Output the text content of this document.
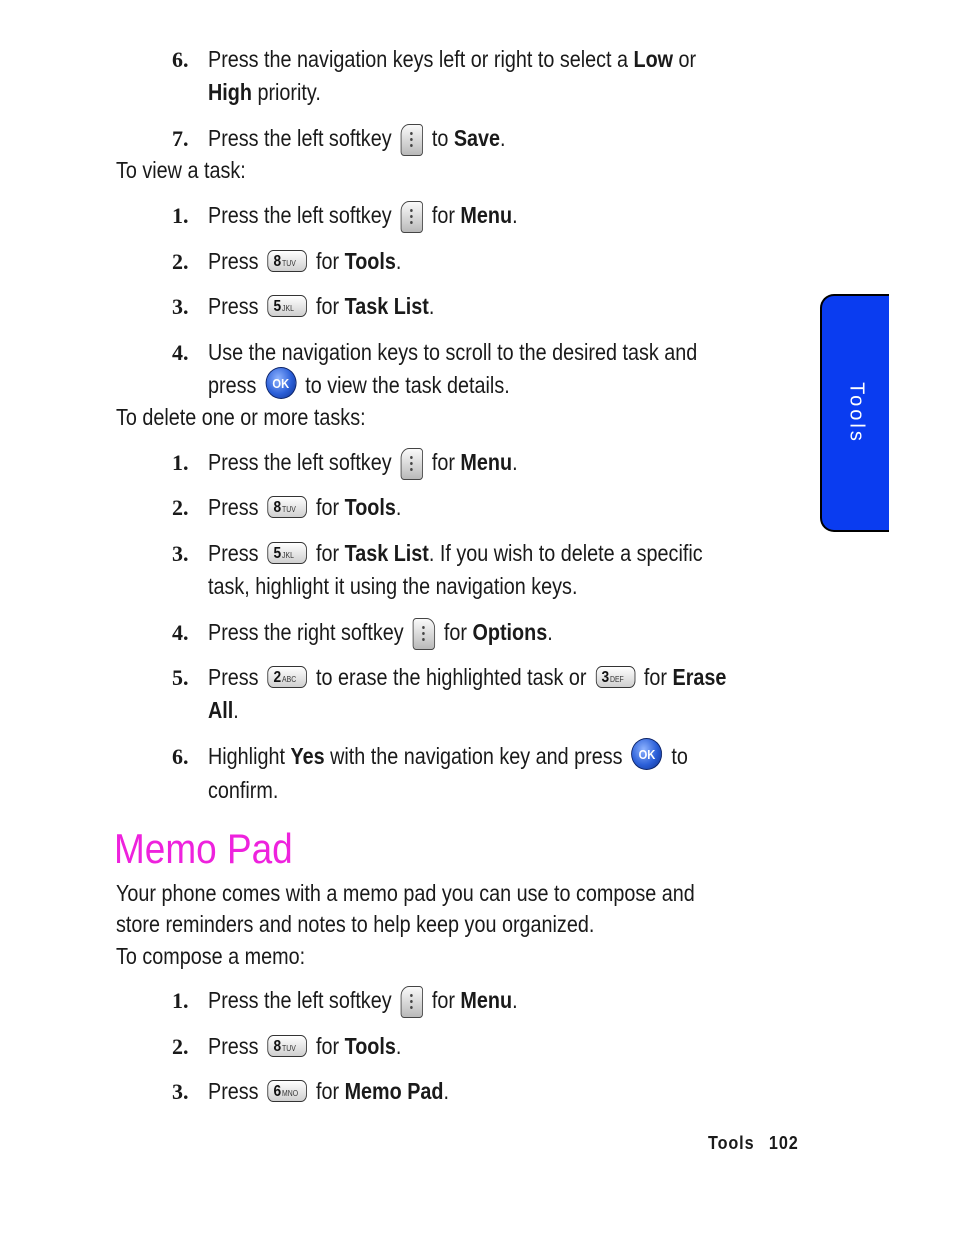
6. Press the navigation keys left or right to select a Low or
High priority.
7. Press the left softkey
to Save.
To view a task:
1. Press the left softkey
for Menu.
2. Press 8TUV for Tools.
3. Press 5JKL for Task List.
4. Use the navigation keys to scroll to the desired task and
press OK to view the task details.
To delete one or more tasks:
1. Press the left softkey
for Menu.
2. Press 8TUV for Tools.
3. Press 5JKL for Task List. If you wish to delete a specific
task, highlight it using the navigation keys.
4. Press the right softkey
for Options.
5. Press 2ABC to erase the highlighted task or 3DEF for Erase
All.
6. Highlight Yes with the navigation key and press OK to
confirm.
Memo Pad
Your phone comes with a memo pad you can use to compose and
store reminders and notes to help keep you organized.
To compose a memo:
1. Press the left softkey
for Menu.
2. Press 8TUV for Tools.
3. Press 6MNO for Memo Pad.
Tools
Tools 102
